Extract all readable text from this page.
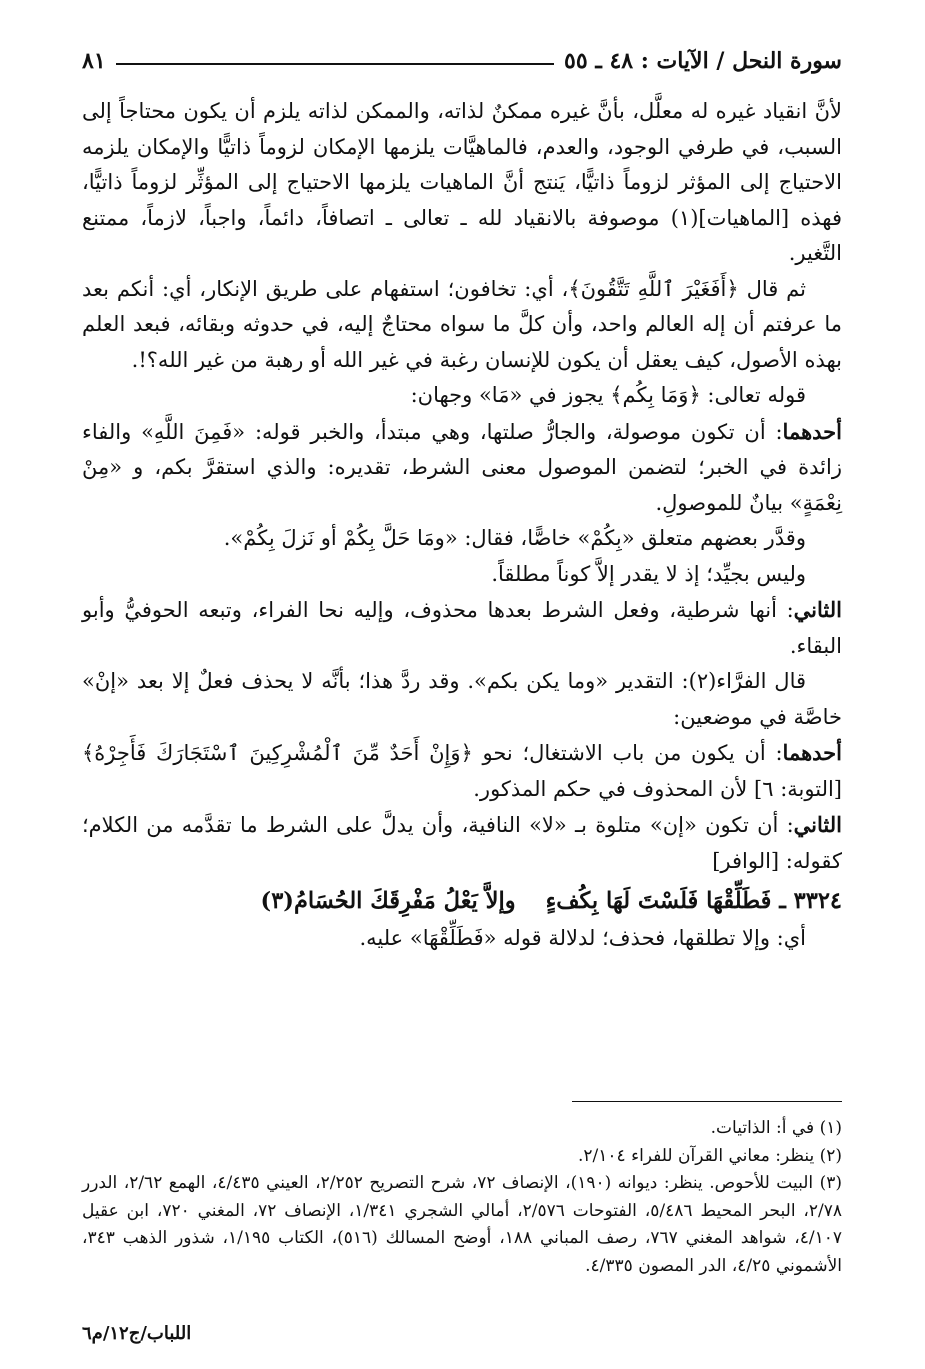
سورة النحل / الآيات : ٤٨ ـ ٥٥
٨١

لأنَّ انقياد غيره له معلَّل، بأنَّ غيره ممكنٌ لذاته، والممكن لذاته يلزم أن يكون محتاجاً إلى السبب، في طرفي الوجود، والعدم، فالماهيَّات يلزمها الإمكان لزوماً ذاتيًّا والإمكان يلزمه الاحتياج إلى المؤثر لزوماً ذاتيًّا، يَنتج أنَّ الماهيات يلزمها الاحتياج إلى المؤثِّر لزوماً ذاتيًّا، فهذه [الماهيات](١) موصوفة بالانقياد لله ـ تعالى ـ اتصافاً، دائماً، واجباً، لازماً، ممتنع التَّغير.

ثم قال ﴿أَفَغَيْرَ ٱللَّهِ تَتَّقُونَ﴾، أي: تخافون؛ استفهام على طريق الإنكار، أي: أنكم بعد ما عرفتم أن إله العالم واحد، وأن كلَّ ما سواه محتاجٌ إليه، في حدوثه وبقائه، فبعد العلم بهذه الأصول، كيف يعقل أن يكون للإنسان رغبة في غير الله أو رهبة من غير الله؟!.

قوله تعالى: ﴿وَمَا بِكُم﴾ يجوز في «مَا» وجهان:

أحدهما: أن تكون موصولة، والجارُّ صلتها، وهي مبتدأ، والخبر قوله: «فَمِنَ اللَّهِ» والفاء زائدة في الخبر؛ لتضمن الموصول معنى الشرط، تقديره: والذي استقرَّ بكم، و «مِنْ نِعْمَةٍ» بيانٌ للموصولِ.

وقدَّر بعضهم متعلق «بِكُمْ» خاصًّا، فقال: «ومَا حَلَّ بِكُمْ أو نَزلَ بِكُمْ».

وليس بجيِّد؛ إذ لا يقدر إلاَّ كوناً مطلقاً.

الثاني: أنها شرطية، وفعل الشرط بعدها محذوف، وإليه نحا الفراء، وتبعه الحوفيُّ وأبو البقاء.

قال الفرَّاء(٢): التقدير «وما يكن بكم». وقد ردَّ هذا؛ بأنَّه لا يحذف فعلٌ إلا بعد «إنْ» خاصَّة في موضعين:

أحدهما: أن يكون من باب الاشتغال؛ نحو ﴿وَإِنْ أَحَدٌ مِّنَ ٱلْمُشْرِكِينَ ٱسْتَجَارَكَ فَأَجِرْهُ﴾ [التوبة: ٦] لأن المحذوف في حكم المذكور.

الثاني: أن تكون «إن» متلوة بـ «لا» النافية، وأن يدلَّ على الشرط ما تقدَّمه من الكلام؛ كقوله: [الوافر]

٣٣٢٤ ـ فَطَلِّقْهَا فَلَسْتَ لَهَا بِكُفءٍوإلاَّ يَعْلُ مَفْرِقَكَ الحُسَامُ(٣)

أي: وإلا تطلقها، فحذف؛ لدلالة قوله «فَطَلِّقْهَا» عليه.

(١) في أ: الذاتيات.

(٢) ينظر: معاني القرآن للفراء ٢/١٠٤.

(٣) البيت للأحوص. ينظر: ديوانه (١٩٠)، الإنصاف ٧٢، شرح التصريح ٢/٢٥٢، العيني ٤/٤٣٥، الهمع ٢/٦٢، الدرر ٢/٧٨، البحر المحيط ٥/٤٨٦، الفتوحات ٢/٥٧٦، أمالي الشجري ١/٣٤١، الإنصاف ٧٢، المغني ٧٢٠، ابن عقيل ٤/١٠٧، شواهد المغني ٧٦٧، رصف المباني ١٨٨، أوضح المسالك (٥١٦)، الكتاب ١/١٩٥، شذور الذهب ٣٤٣، الأشموني ٤/٢٥، الدر المصون ٤/٣٣٥.

اللباب/ج١٢/م٦
